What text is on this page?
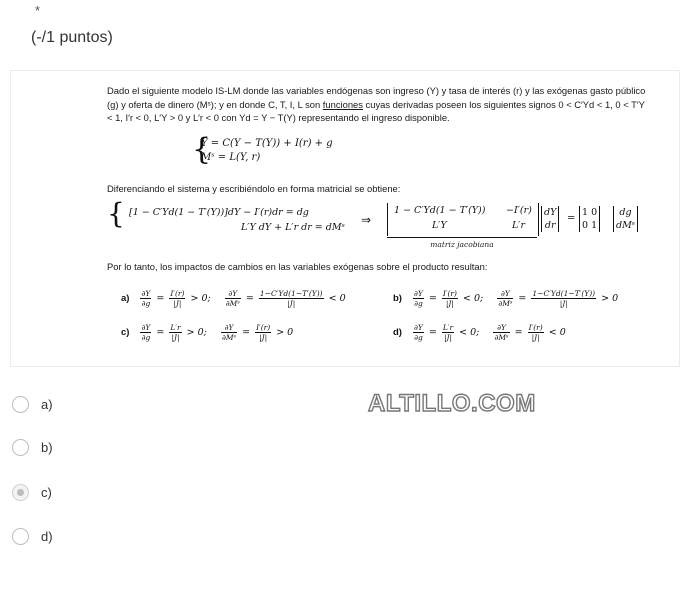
*
(-/1 puntos)

Dado el siguiente modelo IS-LM donde las variables endógenas son ingreso (Y) y tasa de interés (r) y las exógenas gasto público (g) y oferta de dinero (Mˢ); y en donde C, T, I, L son funciones cuyas derivadas poseen los siguientes signos 0 < C′Yd < 1, 0 < T′Y < 1, I′r < 0, L′Y > 0 y L′r < 0 con Yd = Y − T(Y) representando el ingreso disponible.

{
Y = C(Y − T(Y)) + I(r) + g
Mˢ = L(Y, r)
Diferenciando el sistema y escribiéndolo en forma matricial se obtiene:
{ [1 − C′Yd(1 − T′(Y))]dY − I′(r)dr = dg
L′Y dY + L′r dr = dMˢ
⇒
1 − C′Yd(1 − T′(Y)) −I′(r)
L′Y	L′r
matriz jacobiana
dY
dr
=
1 0
0 1
dg
dMˢ
Por lo tanto, los impactos de cambios en las variables exógenas sobre el producto resultan:
$a) \frac{\partial Y}{\partial g} = \frac{I'(r)}{|J|} > 0$; $\frac{\partial Y}{\text{∂Mˢ}} = \frac{1-C'Yd(1-T'(Y))}{|J|} < 0$	$b) \frac{\partial Y}{\partial g} = \frac{I'(r)}{|J|} < 0$; $\frac{\partial Y}{\text{∂Mˢ}} = \frac{1-C'Yd(1-T'(Y))}{|J|} > 0$
$c) \frac{\partial Y}{\partial g} = \frac{L'r}{|J|} > 0$; $\frac{\partial Y}{\text{∂Mˢ}} = \frac{I'(r)}{|J|} > 0$	$d) \frac{\partial Y}{\partial g} = \frac{L'r}{|J|} < 0$; $\frac{\partial Y}{\text{∂Mˢ}} = \frac{I'(r)}{|J|} < 0$
a)
b)
c)
d)
ALTILLO.COM
